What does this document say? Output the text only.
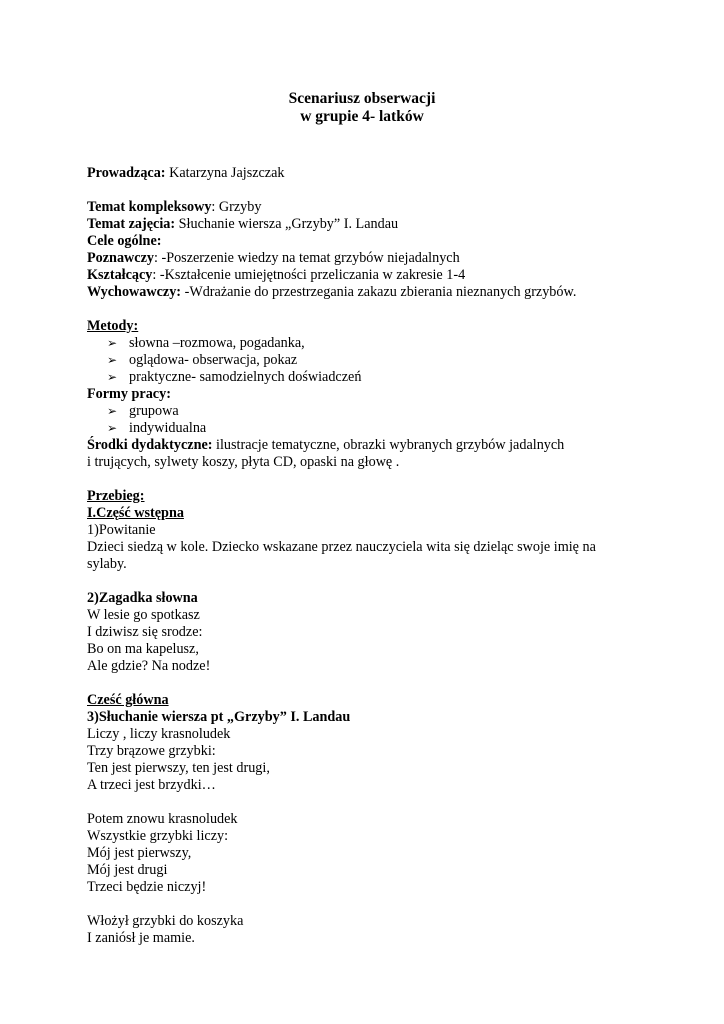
Scenariusz obserwacji
w grupie 4- latków
Prowadząca: Katarzyna Jajszczak
Temat kompleksowy: Grzyby
Temat zajęcia: Słuchanie wiersza „Grzyby” I. Landau
Cele ogólne:
Poznawczy: -Poszerzenie wiedzy na temat grzybów niejadalnych
Kształcący: -Kształcenie umiejętności przeliczania w zakresie 1-4
Wychowawczy: -Wdrażanie do przestrzegania zakazu zbierania nieznanych grzybów.
Metody:
➢ słowna –rozmowa, pogadanka,
➢ oglądowa- obserwacja, pokaz
➢ praktyczne- samodzielnych doświadczeń
Formy pracy:
➢ grupowa
➢ indywidualna
Środki dydaktyczne: ilustracje tematyczne, obrazki wybranych grzybów jadalnych
i trujących, sylwety koszy, płyta CD, opaski na głowę .
Przebieg:
I.Część wstępna
1)Powitanie
Dzieci siedzą w kole. Dziecko wskazane przez nauczyciela wita się dzieląc swoje imię na
sylaby.
2)Zagadka słowna
W lesie go spotkasz
I dziwisz się srodze:
Bo on ma kapelusz,
Ale gdzie? Na nodze!
Cześć główna
3)Słuchanie wiersza pt „Grzyby” I. Landau
Liczy , liczy krasnoludek
Trzy brązowe grzybki:
Ten jest pierwszy, ten jest drugi,
A trzeci jest brzydki…
Potem znowu krasnoludek
Wszystkie grzybki liczy:
Mój jest pierwszy,
Mój jest drugi
Trzeci będzie niczyj!
Włożył grzybki do koszyka
I zaniósł je mamie.
